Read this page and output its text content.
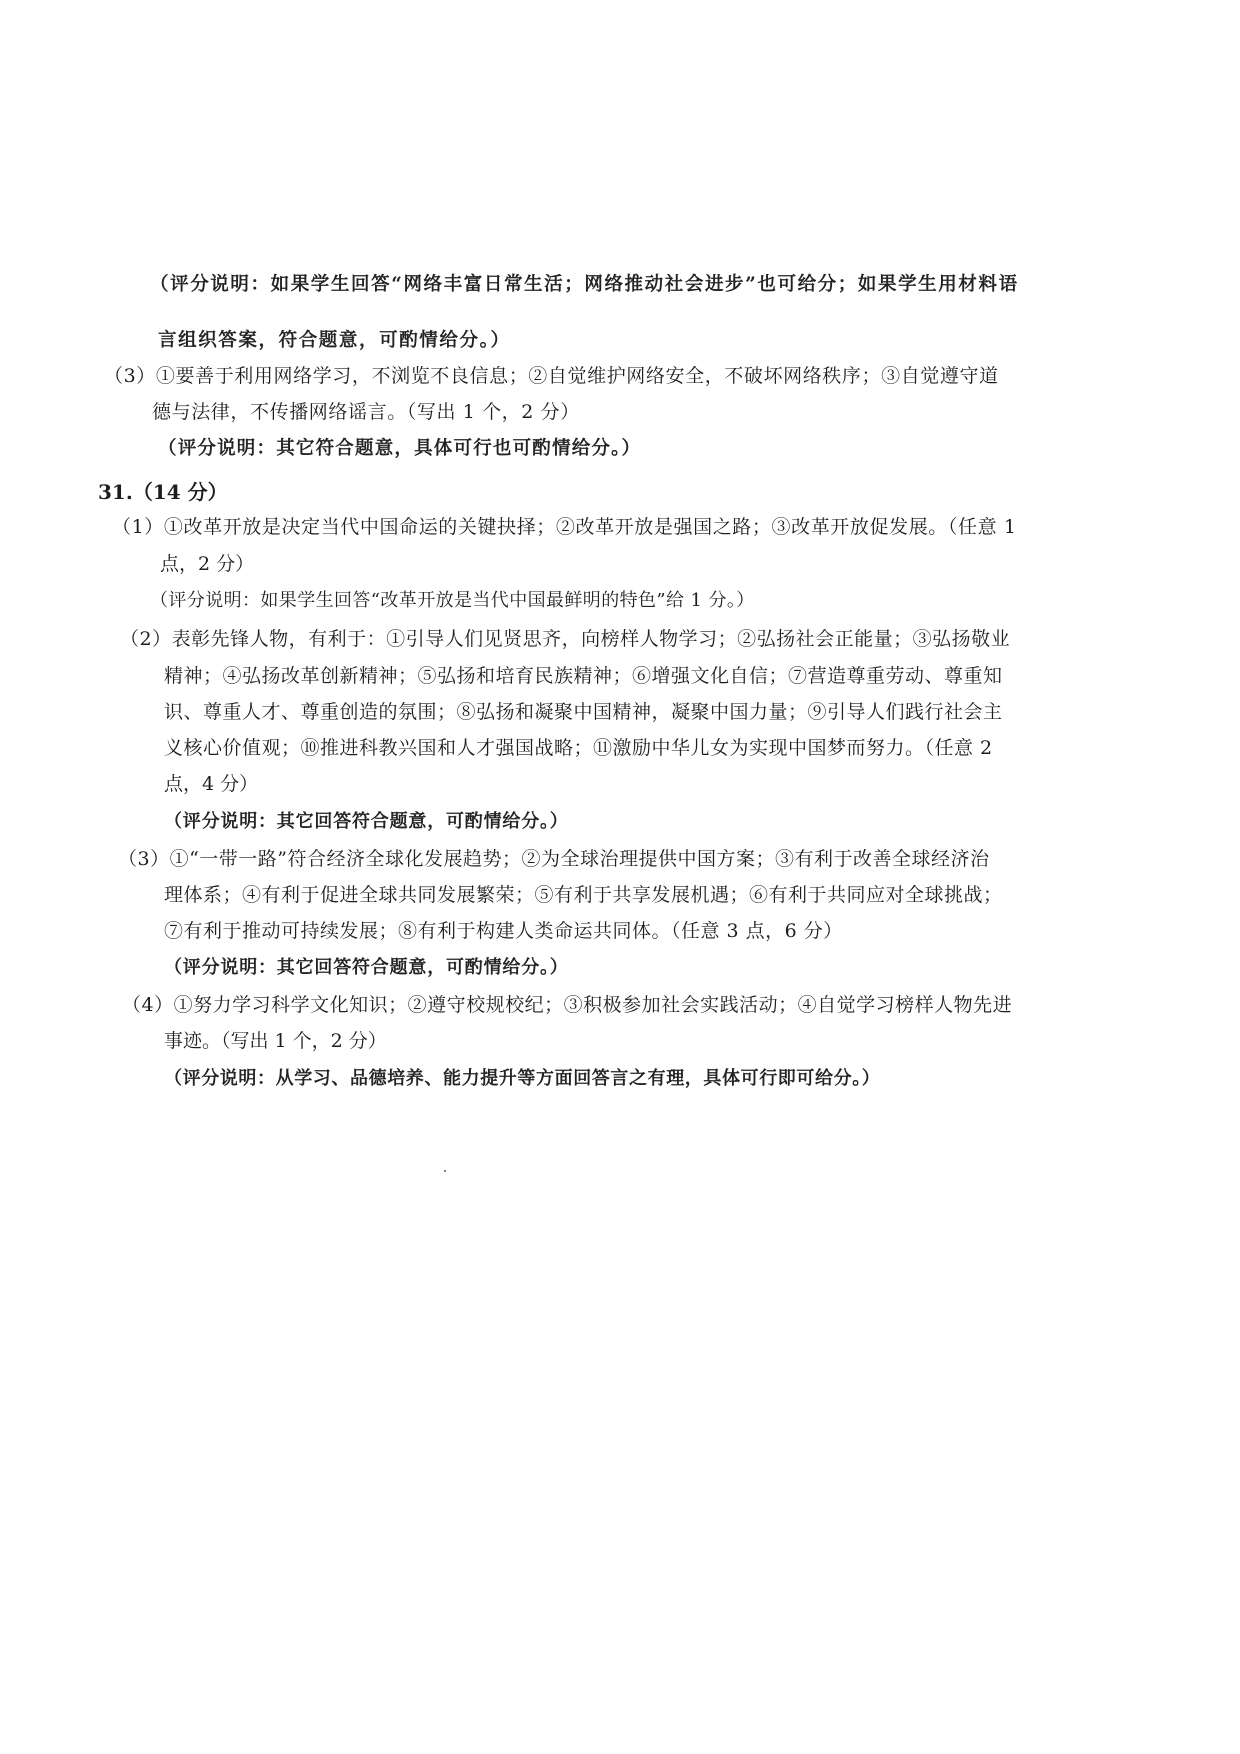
（评分说明：如果学生回答“网络丰富日常生活；网络推动社会进步”也可给分；如果学生用材料语
言组织答案，符合题意，可酌情给分。）
（3）①要善于利用网络学习，不浏览不良信息；②自觉维护网络安全，不破坏网络秩序；③自觉遵守道
德与法律，不传播网络谣言。（写出 1 个，2 分）
（评分说明：其它符合题意，具体可行也可酌情给分。）
31.（14 分）
（1）①改革开放是决定当代中国命运的关键抉择；②改革开放是强国之路；③改革开放促发展。（任意 1
点，2 分）
（评分说明：如果学生回答“改革开放是当代中国最鲜明的特色”给 1 分。）
（2）表彰先锋人物，有利于：①引导人们见贤思齐，向榜样人物学习；②弘扬社会正能量；③弘扬敬业
精神；④弘扬改革创新精神；⑤弘扬和培育民族精神；⑥增强文化自信；⑦营造尊重劳动、尊重知
识、尊重人才、尊重创造的氛围；⑧弘扬和凝聚中国精神，凝聚中国力量；⑨引导人们践行社会主
义核心价值观；⑩推进科教兴国和人才强国战略；⑪激励中华儿女为实现中国梦而努力。（任意 2
点，4 分）
（评分说明：其它回答符合题意，可酌情给分。）
（3）①“一带一路”符合经济全球化发展趋势；②为全球治理提供中国方案；③有利于改善全球经济治
理体系；④有利于促进全球共同发展繁荣；⑤有利于共享发展机遇；⑥有利于共同应对全球挑战；
⑦有利于推动可持续发展；⑧有利于构建人类命运共同体。（任意 3 点，6 分）
（评分说明：其它回答符合题意，可酌情给分。）
（4）①努力学习科学文化知识；②遵守校规校纪；③积极参加社会实践活动；④自觉学习榜样人物先进
事迹。（写出 1 个，2 分）
（评分说明：从学习、品德培养、能力提升等方面回答言之有理，具体可行即可给分。）
